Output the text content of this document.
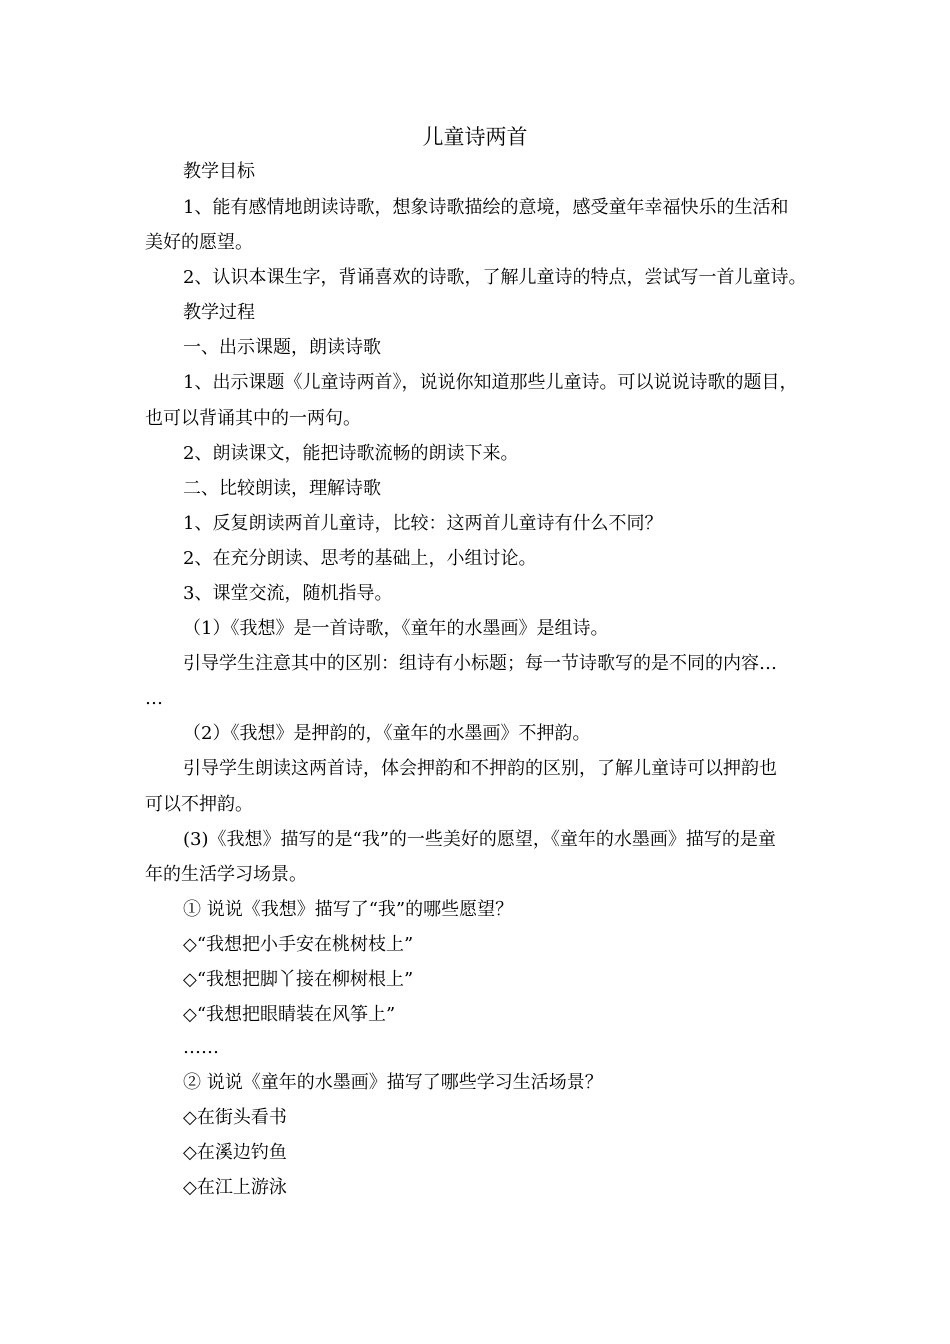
儿童诗两首
教学目标
1、能有感情地朗读诗歌，想象诗歌描绘的意境，感受童年幸福快乐的生活和
美好的愿望。
2、认识本课生字，背诵喜欢的诗歌，了解儿童诗的特点，尝试写一首儿童诗。
教学过程
一、出示课题，朗读诗歌
1、出示课题《儿童诗两首》，说说你知道那些儿童诗。可以说说诗歌的题目，
也可以背诵其中的一两句。
2、朗读课文，能把诗歌流畅的朗读下来。
二、比较朗读，理解诗歌
1、反复朗读两首儿童诗，比较：这两首儿童诗有什么不同？
2、在充分朗读、思考的基础上，小组讨论。
3、课堂交流，随机指导。
（1）《我想》是一首诗歌，《童年的水墨画》是组诗。
引导学生注意其中的区别：组诗有小标题；每一节诗歌写的是不同的内容…
…
（2）《我想》是押韵的，《童年的水墨画》不押韵。
引导学生朗读这两首诗，体会押韵和不押韵的区别，了解儿童诗可以押韵也
可以不押韵。
(3)《我想》描写的是“我”的一些美好的愿望，《童年的水墨画》描写的是童
年的生活学习场景。
① 说说《我想》描写了“我”的哪些愿望？
◇“我想把小手安在桃树枝上”
◇“我想把脚丫接在柳树根上”
◇“我想把眼睛装在风筝上”
……
② 说说《童年的水墨画》描写了哪些学习生活场景？
◇在街头看书
◇在溪边钓鱼
◇在江上游泳
